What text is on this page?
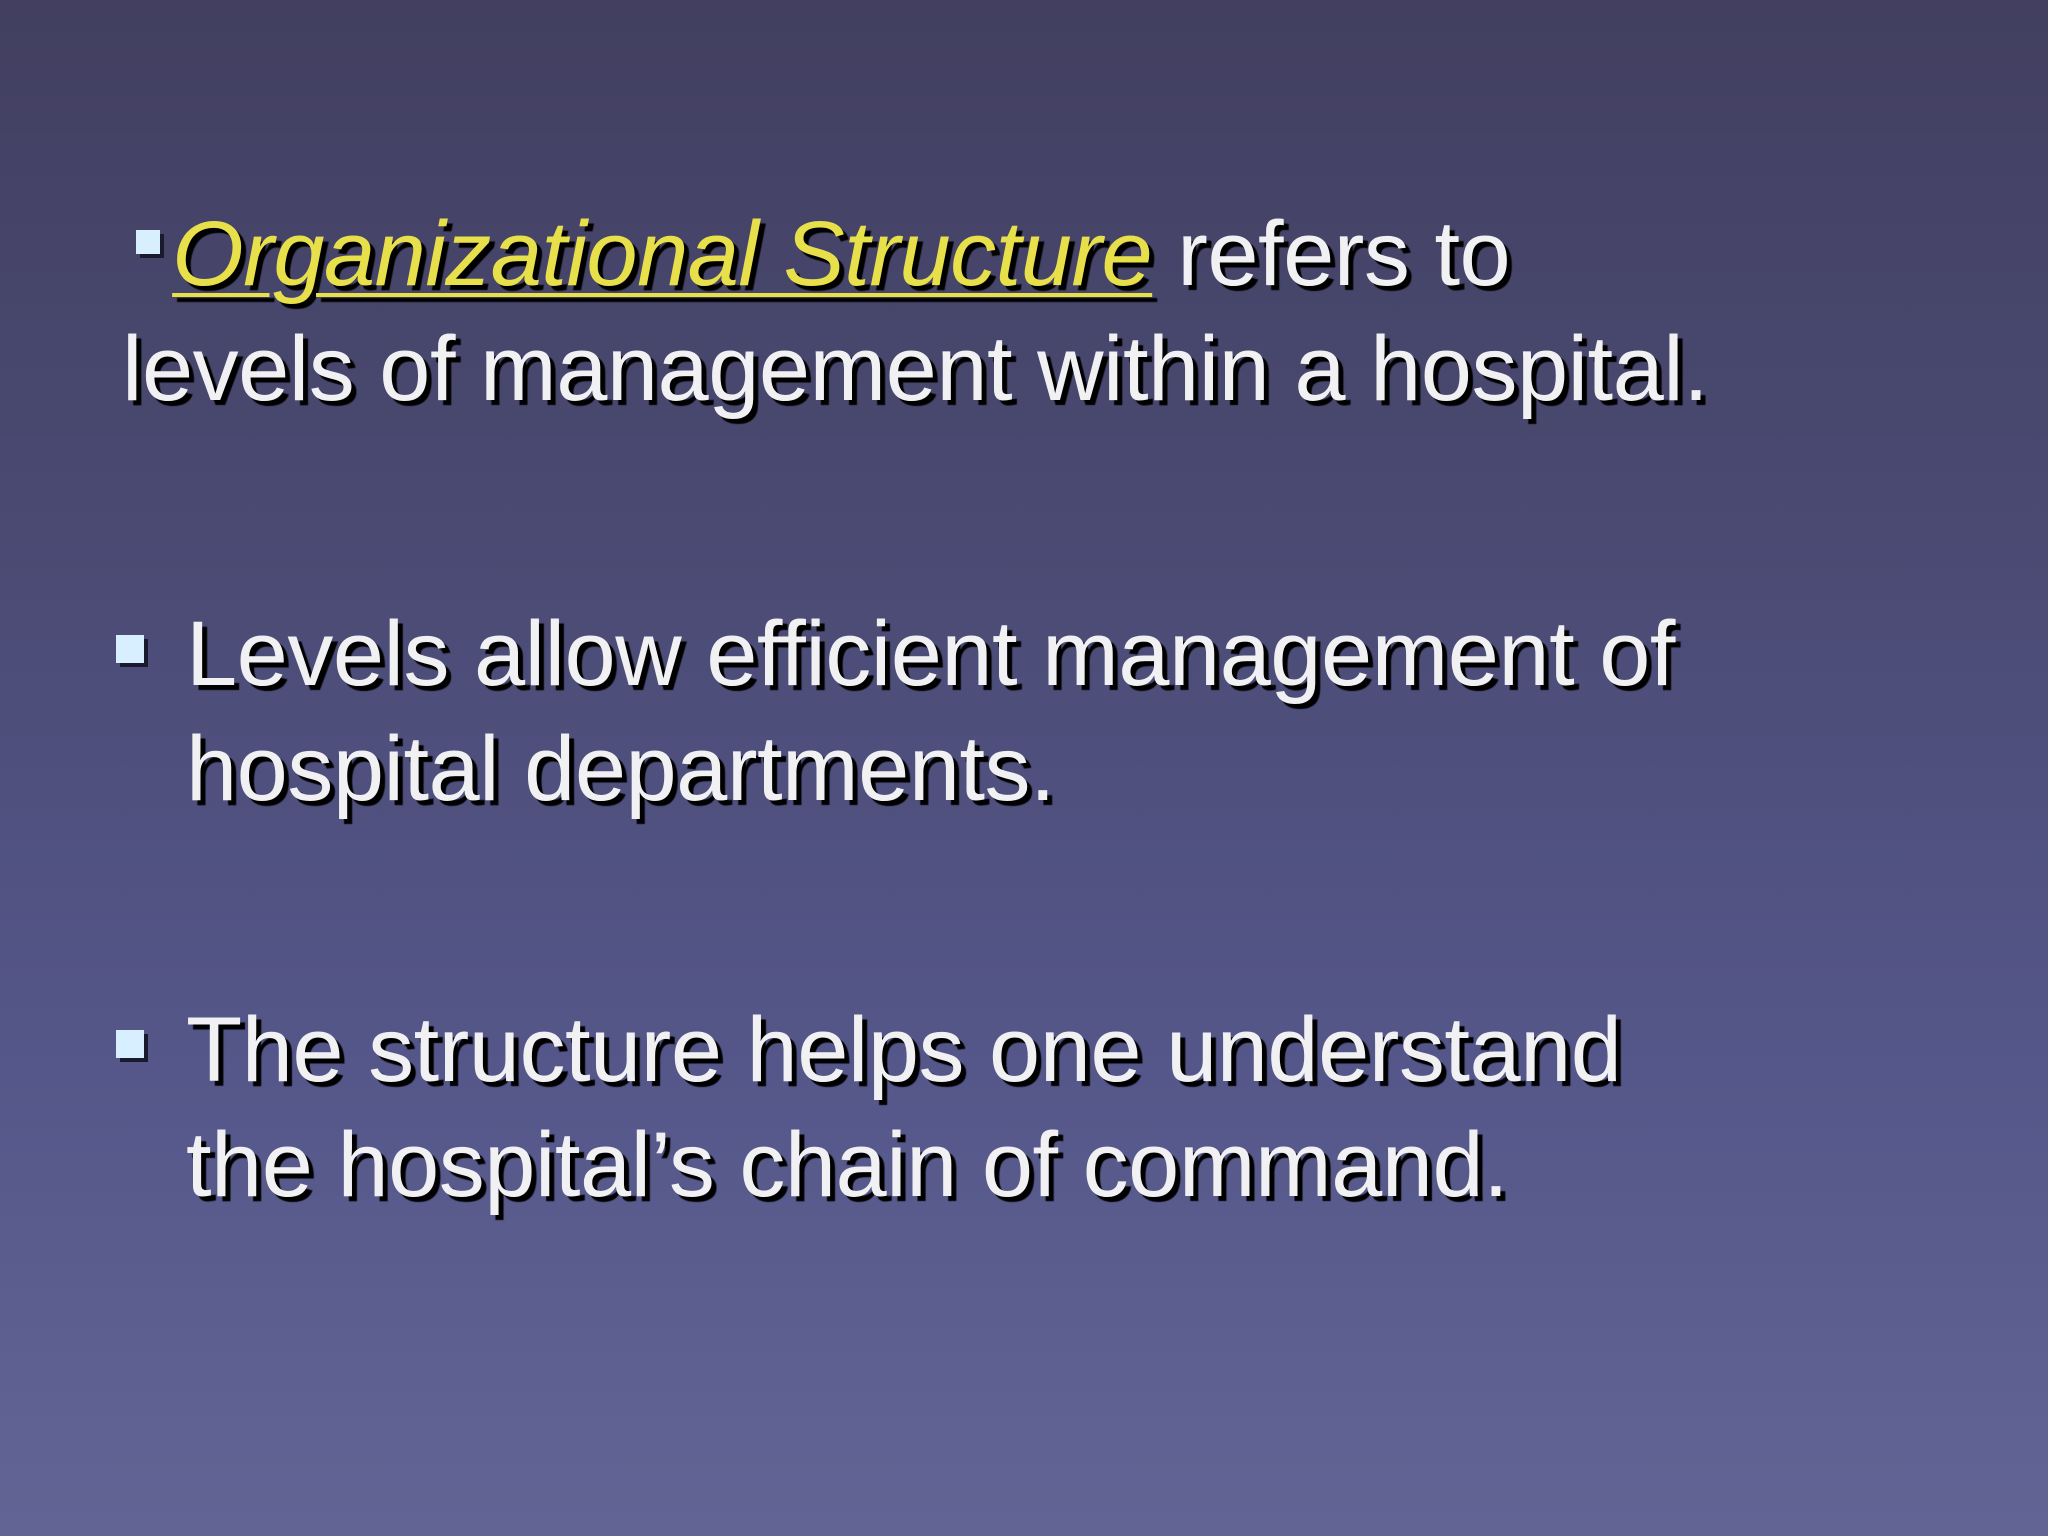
​  Organizational Structure refers to
levels of management within a hospital.
Levels allow efficient management of
hospital departments.
The structure helps one understand
the hospital’s chain of command.
